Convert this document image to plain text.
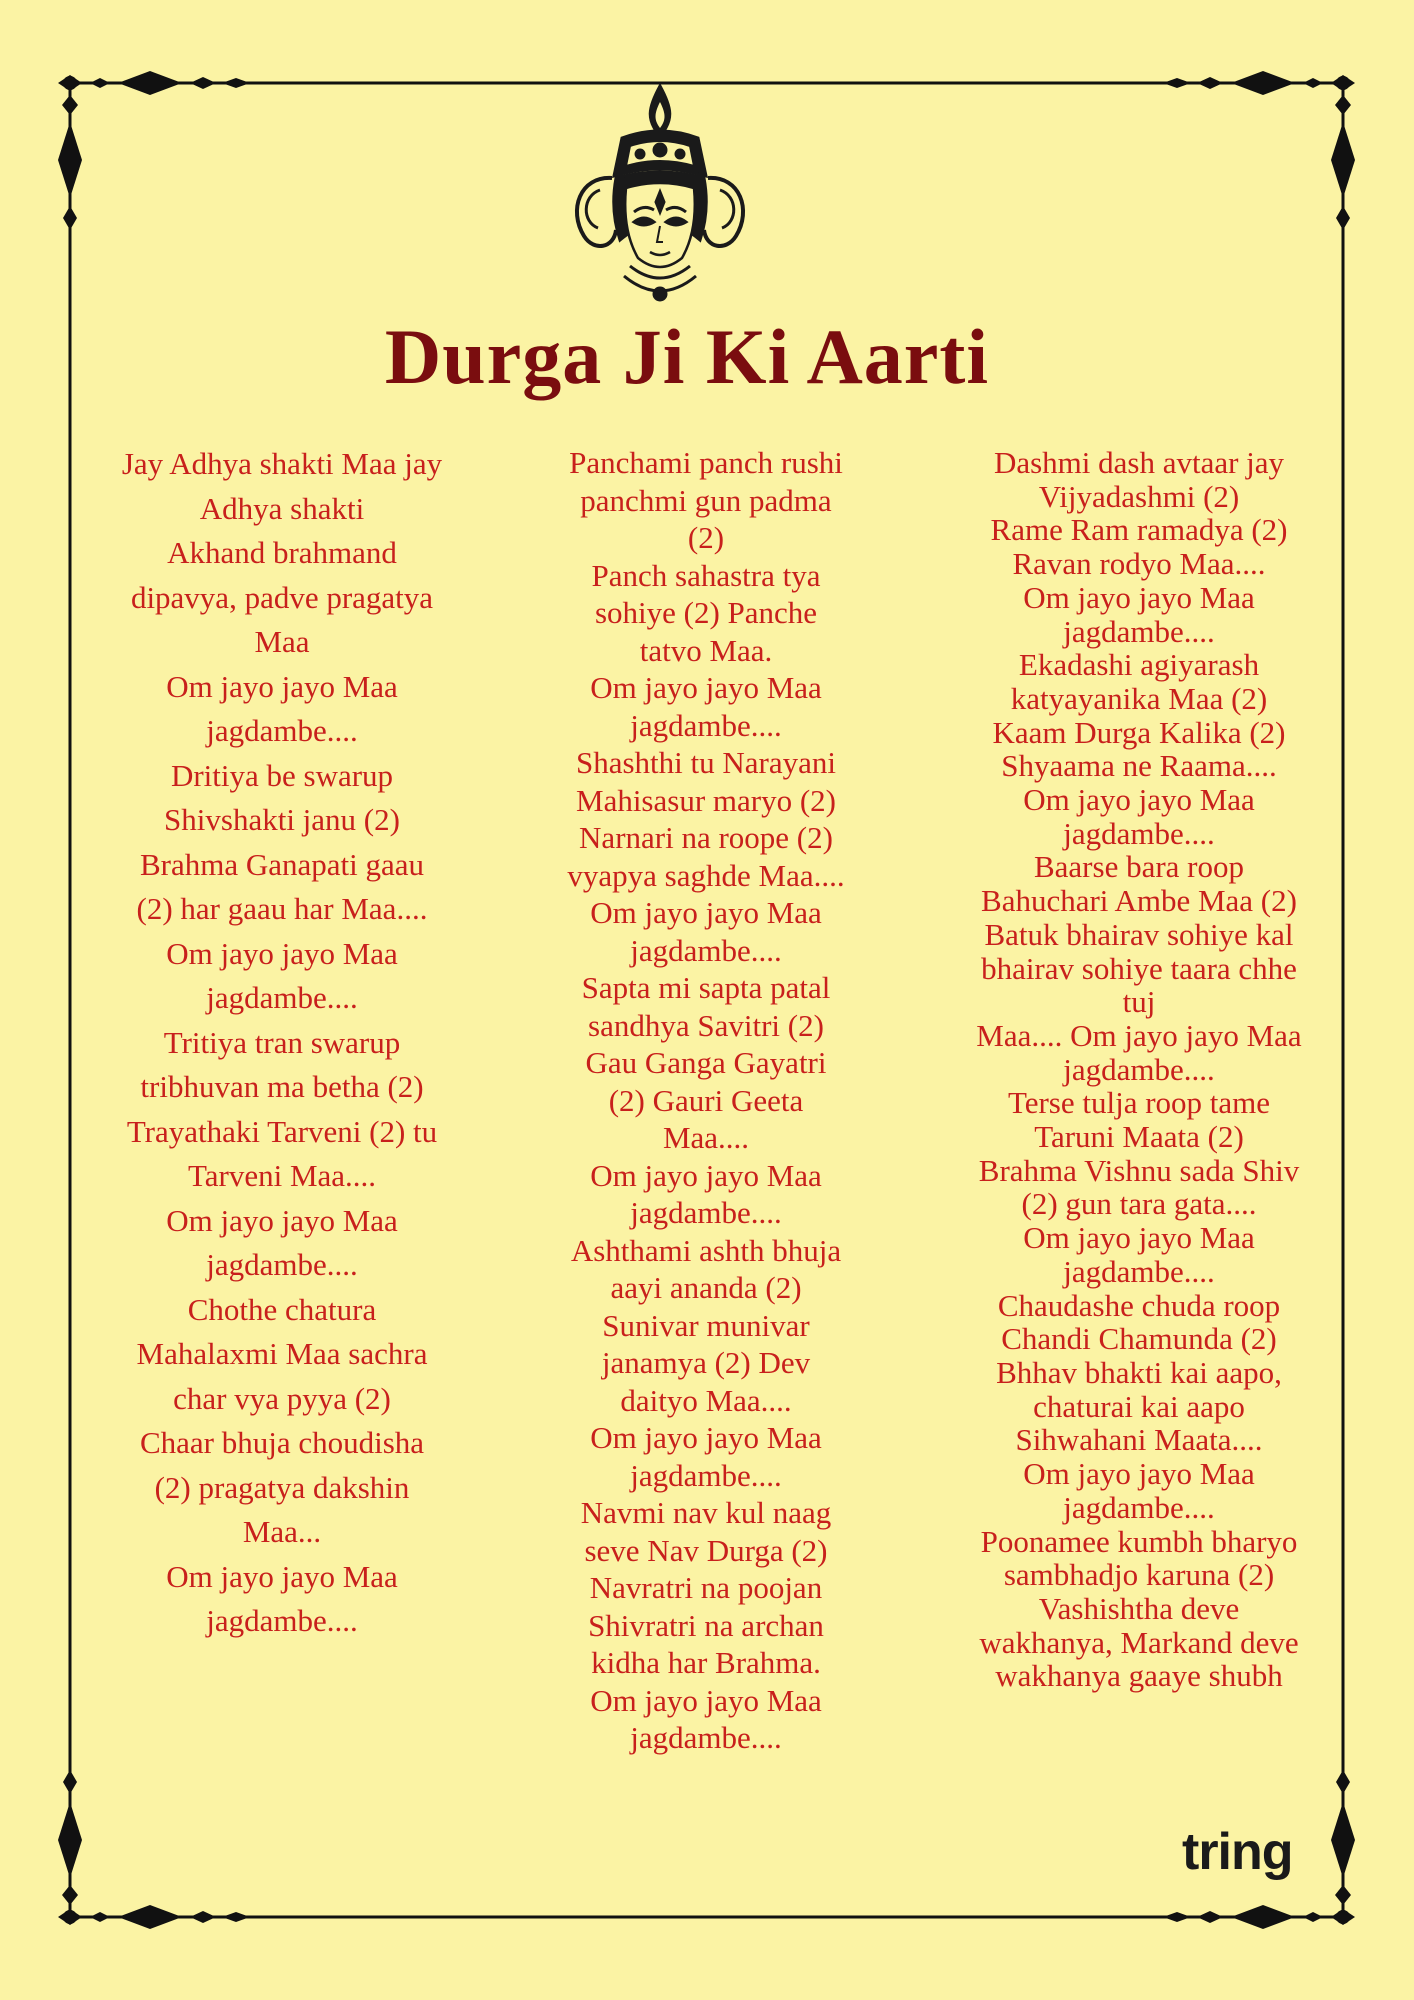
Durga Ji Ki Aarti
Jay Adhya shakti Maa jay
Adhya shakti
Akhand brahmand
dipavya, padve pragatya
Maa
Om jayo jayo Maa
jagdambe....
Dritiya be swarup
Shivshakti janu (2)
Brahma Ganapati gaau
(2) har gaau har Maa....
Om jayo jayo Maa
jagdambe....
Tritiya tran swarup
tribhuvan ma betha (2)
Trayathaki Tarveni (2) tu
Tarveni Maa....
Om jayo jayo Maa
jagdambe....
Chothe chatura
Mahalaxmi Maa sachra
char vya pyya (2)
Chaar bhuja choudisha
(2) pragatya dakshin
Maa...
Om jayo jayo Maa
jagdambe....
Panchami panch rushi
panchmi gun padma
(2)
Panch sahastra tya
sohiye (2) Panche
tatvo Maa.
Om jayo jayo Maa
jagdambe....
Shashthi tu Narayani
Mahisasur maryo (2)
Narnari na roope (2)
vyapya saghde Maa....
Om jayo jayo Maa
jagdambe....
Sapta mi sapta patal
sandhya Savitri (2)
Gau Ganga Gayatri
(2) Gauri Geeta
Maa....
Om jayo jayo Maa
jagdambe....
Ashthami ashth bhuja
aayi ananda (2)
Sunivar munivar
janamya (2) Dev
daityo Maa....
Om jayo jayo Maa
jagdambe....
Navmi nav kul naag
seve Nav Durga (2)
Navratri na poojan
Shivratri na archan
kidha har Brahma.
Om jayo jayo Maa
jagdambe....
Dashmi dash avtaar jay
Vijyadashmi (2)
Rame Ram ramadya (2)
Ravan rodyo Maa....
Om jayo jayo Maa
jagdambe....
Ekadashi agiyarash
katyayanika Maa (2)
Kaam Durga Kalika (2)
Shyaama ne Raama....
Om jayo jayo Maa
jagdambe....
Baarse bara roop
Bahuchari Ambe Maa (2)
Batuk bhairav sohiye kal
bhairav sohiye taara chhe
tuj
Maa.... Om jayo jayo Maa
jagdambe....
Terse tulja roop tame
Taruni Maata (2)
Brahma Vishnu sada Shiv
(2) gun tara gata....
Om jayo jayo Maa
jagdambe....
Chaudashe chuda roop
Chandi Chamunda (2)
Bhhav bhakti kai aapo,
chaturai kai aapo
Sihwahani Maata....
Om jayo jayo Maa
jagdambe....
Poonamee kumbh bharyo
sambhadjo karuna (2)
Vashishtha deve
wakhanya, Markand deve
wakhanya gaaye shubh
tring
